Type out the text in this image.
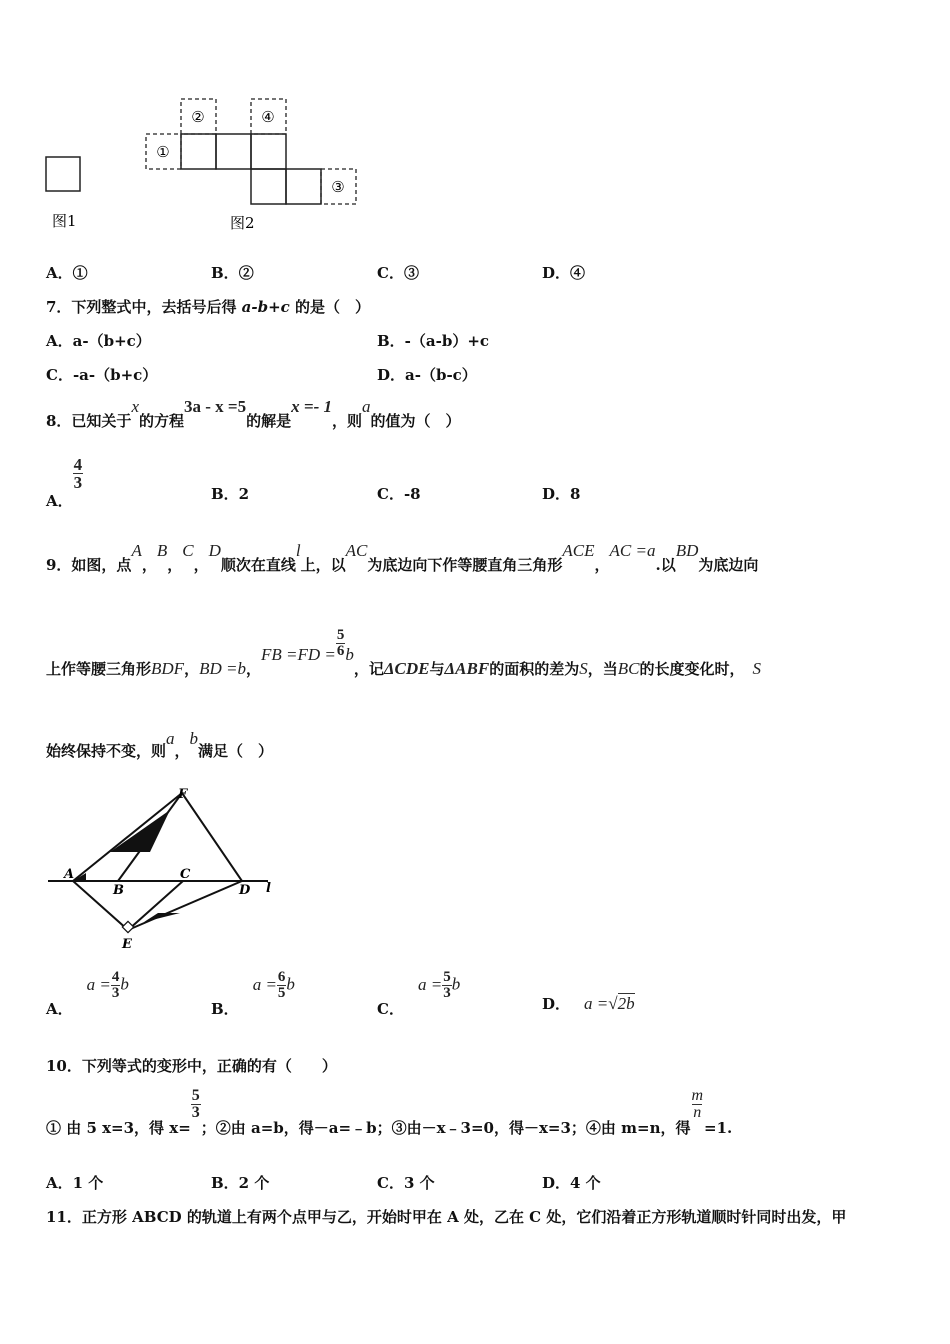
①
②	④
③
图1	图2
A．①	B．②	C．③	D．④
7．下列整式中，去括号后得 a-b+c 的是（　）
A．a-（b+c）	B．-（a-b）+c
C．-a-（b+c）	D．a-（b-c）
8．已知关于x的方程3a - x =5的解是x =- 1，则a的值为（　）
A．
$\frac{4}{3}$
B．2	C．-8	D．8
9．如图，点A，B，C，D顺次在直线l上，以AC为底边向下作等腰直角三角形ACE，AC =a.以BD为底边向
上作等腰三角形BDF，BD =b，FB $=FD = \frac{5}{6}$ b，记ΔCDE与ΔABF的面积的差为S，当BC的长度变化时， S
始终保持不变，则a，b满足（　）
A
B
C
D l
E
F
A．$a = \frac{4}{3}$ b
B．$a = \frac{6}{5}$ b
C．$a = \frac{5}{3}$ b
D． a =√2b
10．下列等式的变形中，正确的有（　　）
① 由 5 x=3，得 x=
$\frac{5}{3}$
；②由 a=b，得－a=﹣b；③由－x﹣3=0，得－x=3；④由 m=n，得
$\frac{m}{n}$
=1.
A．1 个	B．2 个	C．3 个	D．4 个
11．正方形 ABCD 的轨道上有两个点甲与乙，开始时甲在 A 处，乙在 C 处，它们沿着正方形轨道顺时针同时出发，甲
